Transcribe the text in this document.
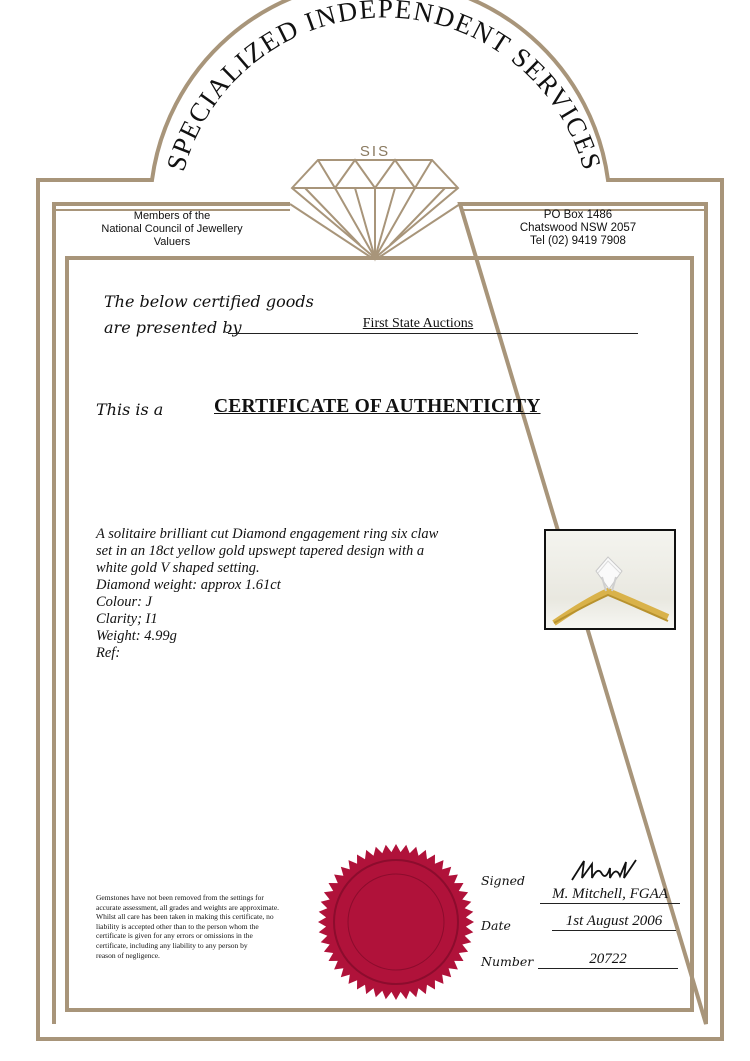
SIS
SPECIALIZED INDEPENDENT SERVICES
Members of the
National Council of Jewellery
Valuers
PO Box 1486
Chatswood NSW 2057
Tel (02) 9419 7908
The below certified goods
are presented by	First State Auctions
This is a	CERTIFICATE OF AUTHENTICITY
A solitaire brilliant cut Diamond engagement ring six claw
set in an 18ct yellow gold upswept tapered design with a
white gold V shaped setting.
Diamond weight: approx 1.61ct
Colour: J
Clarity; I1
Weight: 4.99g
Ref:
Gemstones have not been removed from the settings for
accurate assessment, all grades and weights are approximate.
Whilst all care has been taken in making this certificate, no
liability is accepted other than to the person whom the
certificate is given for any errors or omissions in the
certificate, including any liability to any person by
reason of negligence.
Signed
M. Mitchell, FGAA
Date	1st August 2006
Number	20722
